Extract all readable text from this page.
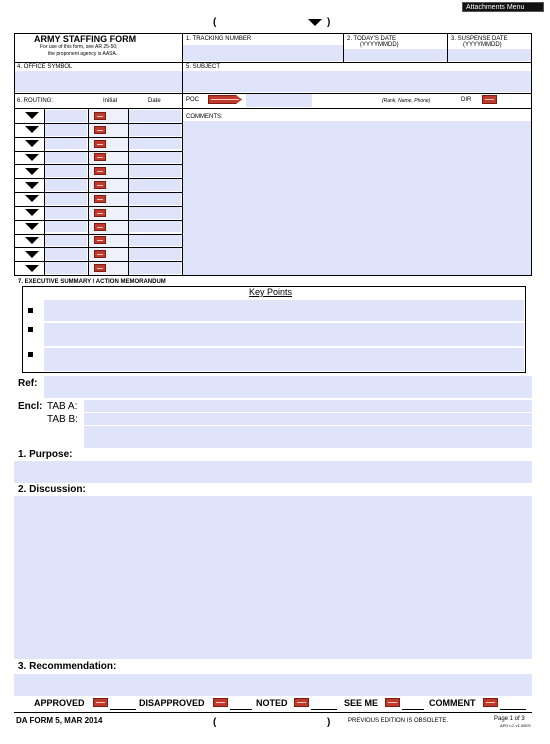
Attachments Menu
(	)
ARMY STAFFING FORM
For use of this form, see AR 25-50;
the proponent agency is AASA.
1. TRACKING NUMBER	2. TODAY'S DATE
(YYYYMMDD)
3. SUSPENSE DATE
(YYYYMMDD)
4. OFFICE SYMBOL	5. SUBJECT
6. ROUTING:	Initial	Date	POC	(Rank, Name, Phone)	DIR
COMMENTS:
7. EXECUTIVE SUMMARY / ACTION MEMORANDUM
Key Points
Ref:
Encl: TAB A:
TAB B:
1. Purpose:
2. Discussion:
3. Recommendation:
APPROVED	DISAPPROVED	NOTED	SEE ME	COMMENT
DA FORM 5, MAR 2014	(	)	PREVIOUS EDITION IS OBSOLETE.	Page 1 of 3
APD LC v1.00ES
